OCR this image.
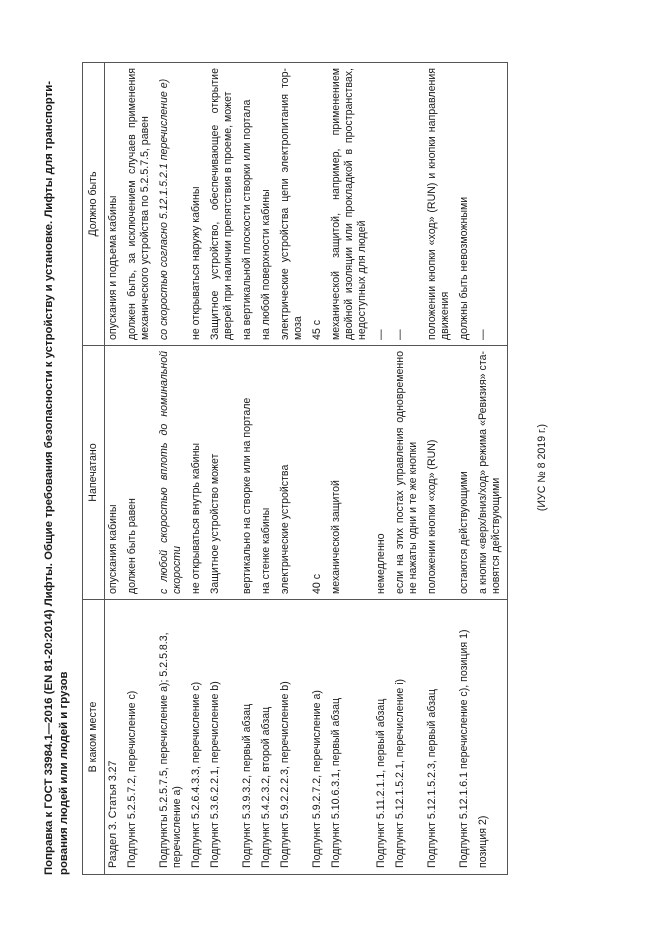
Поправка к ГОСТ 33984.1—2016 (EN 81-20:2014) Лифты. Общие требования безопасности к устройству и установке. Лифты для транспортирования людей или людей и грузов В каком месте	Напечатано	Должно быть
Раздел 3. Статья 3.27	опускания кабины	опускания и подъема кабины
Подпункт 5.2.5.7.2, перечисление c)	должен быть равен	должен быть, за исключением случаев применения механического устройства по 5.2.5.7.5, равен
Подпункты 5.2.5.7.5, перечисление а); 5.2.5.8.3, перечисление а)	с любой скоростью вплоть до номинальной скорости	со скоростью согласно 5.12.1.5.2.1 перечисление е)
Подпункт 5.2.6.4.3.3, перечисление c)	не открываться внутрь кабины	не открываться наружу кабины
Подпункт 5.3.6.2.2.1, перечисление b)	Защитное устройство может	Защитное устройство, обеспечивающее открытие дверей при наличии препятствия в проеме, может
Подпункт 5.3.9.3.2, первый абзац	вертикально на створке или на портале	на вертикальной плоскости створки или портала
Подпункт 5.4.2.3.2, второй абзац	на стенке кабины	на любой поверхности кабины
Подпункт 5.9.2.2.2.3, перечисление b)	электрические устройства	электрические устройства цепи электропитания тормоза
Подпункт 5.9.2.7.2, перечисление а)	40 с	45 с
Подпункт 5.10.6.3.1, первый абзац	механической защитой	механической защитой, например, применением двойной изоляции или прокладкой в пространствах, недоступных для людей
Подпункт 5.11.2.1.1, первый абзац	немедленно	—
Подпункт 5.12.1.5.2.1, перечисление i)	если на этих постах управления одновременно не нажаты одни и те же кнопки	—
Подпункт 5.12.1.5.2.3, первый абзац	положении кнопки «ход» (RUN)	положении кнопки «ход» (RUN) и кнопки направления движения
Подпункт 5.12.1.6.1 перечисление с), позиция 1)	остаются действующими	должны быть невозможными
позиция 2)	а кнопки «верх/вниз/ход» режима «Ревизия» становятся действующими	—
(ИУС № 8 2019 г.)
